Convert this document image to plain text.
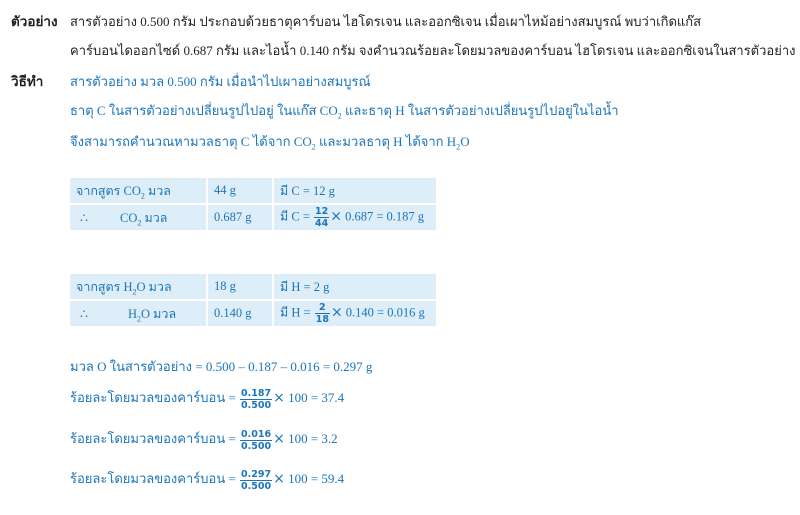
ตัวอย่าง สารตัวอย่าง 0.500 กรัม ประกอบด้วยธาตุคาร์บอน ไฮโดรเจน และออกซิเจน เมื่อเผาไหม้อย่างสมบูรณ์ พบว่าเกิดแก๊ส
คาร์บอนไดออกไซด์ 0.687 กรัม และไอน้ำ 0.140 กรัม จงคำนวณร้อยละโดยมวลของคาร์บอน ไฮโดรเจน และออกซิเจนในสารตัวอย่าง
วิธีทำ สารตัวอย่าง มวล 0.500 กรัม เมื่อนำไปเผาอย่างสมบูรณ์
ธาตุ C ในสารตัวอย่างเปลี่ยนรูปไปอยู่ ในแก๊ส $CO_2$ และธาตุ H ในสารตัวอย่างเปลี่ยนรูปไปอยู่ในไอน้ำ
จึงสามารถคำนวณหามวลธาตุ C ได้จาก $CO_2$ และมวลธาตุ H ได้จาก $H_2O$
จากสูตร $CO_2$ มวล	44 g	มี C = 12 g
∴ $CO_2$ มวล	0.687 g	มี $C = \frac{12}{44} \times 0.687 = 0.187$ g
จากสูตร $H_2O$ มวล	18 g	มี H = 2 g
∴ $H_2O$ มวล	0.140 g	มี $H = \frac{2}{18} \times 0.140 = 0.016$ g
มวล O ในสารตัวอย่าง = 0.500 – 0.187 – 0.016 = 0.297 g
ร้อยละโดยมวลของคาร์บอน = $\frac{0.187}{0.500} \times 100 = 37.4$
ร้อยละโดยมวลของคาร์บอน = $\frac{0.016}{0.500} \times 100 = 3.2$
ร้อยละโดยมวลของคาร์บอน = $\frac{0.297}{0.500} \times 100 = 59.4$
